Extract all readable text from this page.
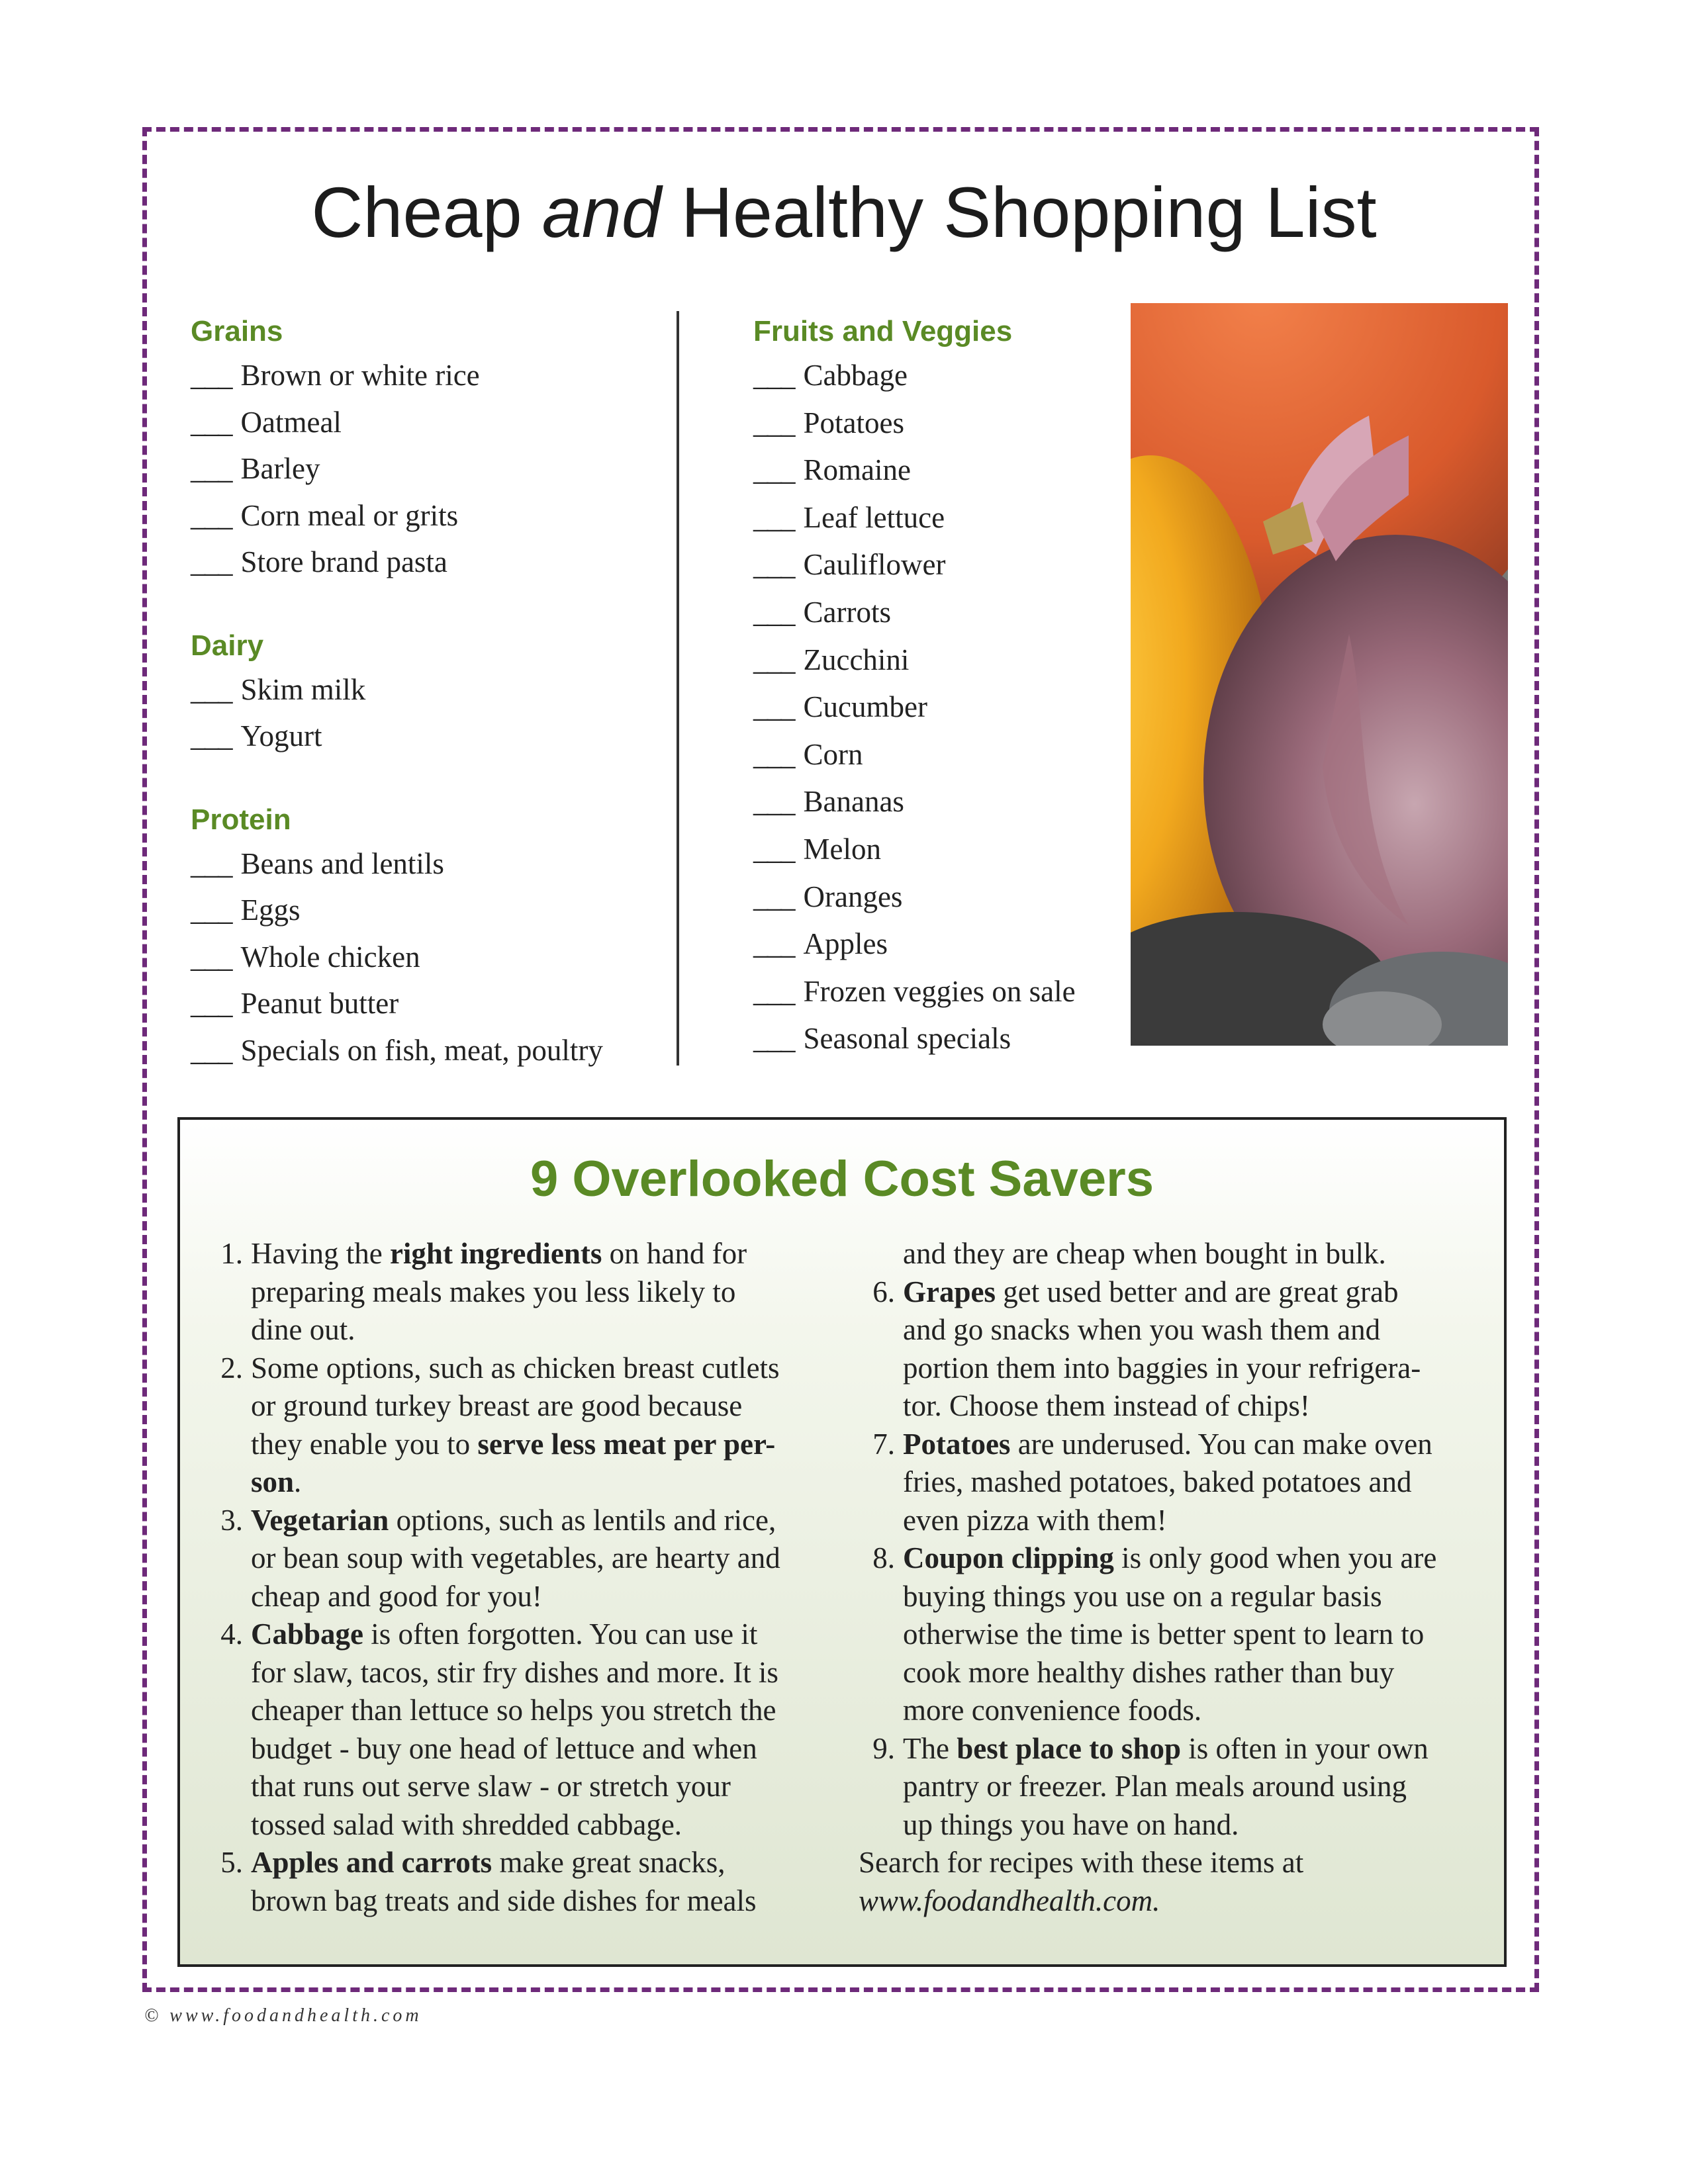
Cheap and Healthy Shopping List
Grains
___ Brown or white rice
___ Oatmeal
___ Barley
___ Corn meal or grits
___ Store brand pasta
Dairy
___ Skim milk
___ Yogurt
Protein
___ Beans and lentils
___ Eggs
___ Whole chicken
___ Peanut butter
___ Specials on fish, meat, poultry
Fruits and Veggies
___ Cabbage
___ Potatoes
___ Romaine
___ Leaf lettuce
___ Cauliflower
___ Carrots
___ Zucchini
___ Cucumber
___ Corn
___ Bananas
___ Melon
___ Oranges
___ Apples
___ Frozen veggies on sale
___ Seasonal specials
9 Overlooked Cost Savers
1. Having the right ingredients on hand for
preparing meals makes you less likely to
dine out.
2. Some options, such as chicken breast cutlets
or ground turkey breast are good because
they enable you to serve less meat per per-
son.
3. Vegetarian options, such as lentils and rice,
or bean soup with vegetables, are hearty and
cheap and good for you!
4. Cabbage is often forgotten. You can use it
for slaw, tacos, stir fry dishes and more. It is
cheaper than lettuce so helps you stretch the
budget - buy one head of lettuce and when
that runs out serve slaw - or stretch your
tossed salad with shredded cabbage.
5. Apples and carrots make great snacks,
brown bag treats and side dishes for meals
and they are cheap when bought in bulk.
6. Grapes get used better and are great grab
and go snacks when you wash them and
portion them into baggies in your refrigera-
tor. Choose them instead of chips!
7. Potatoes are underused. You can make oven
fries, mashed potatoes, baked potatoes and
even pizza with them!
8. Coupon clipping is only good when you are
buying things you use on a regular basis
otherwise the time is better spent to learn to
cook more healthy dishes rather than buy
more convenience foods.
9. The best place to shop is often in your own
pantry or freezer. Plan meals around using
up things you have on hand.
Search for recipes with these items at
www.foodandhealth.com.
© www.foodandhealth.com
